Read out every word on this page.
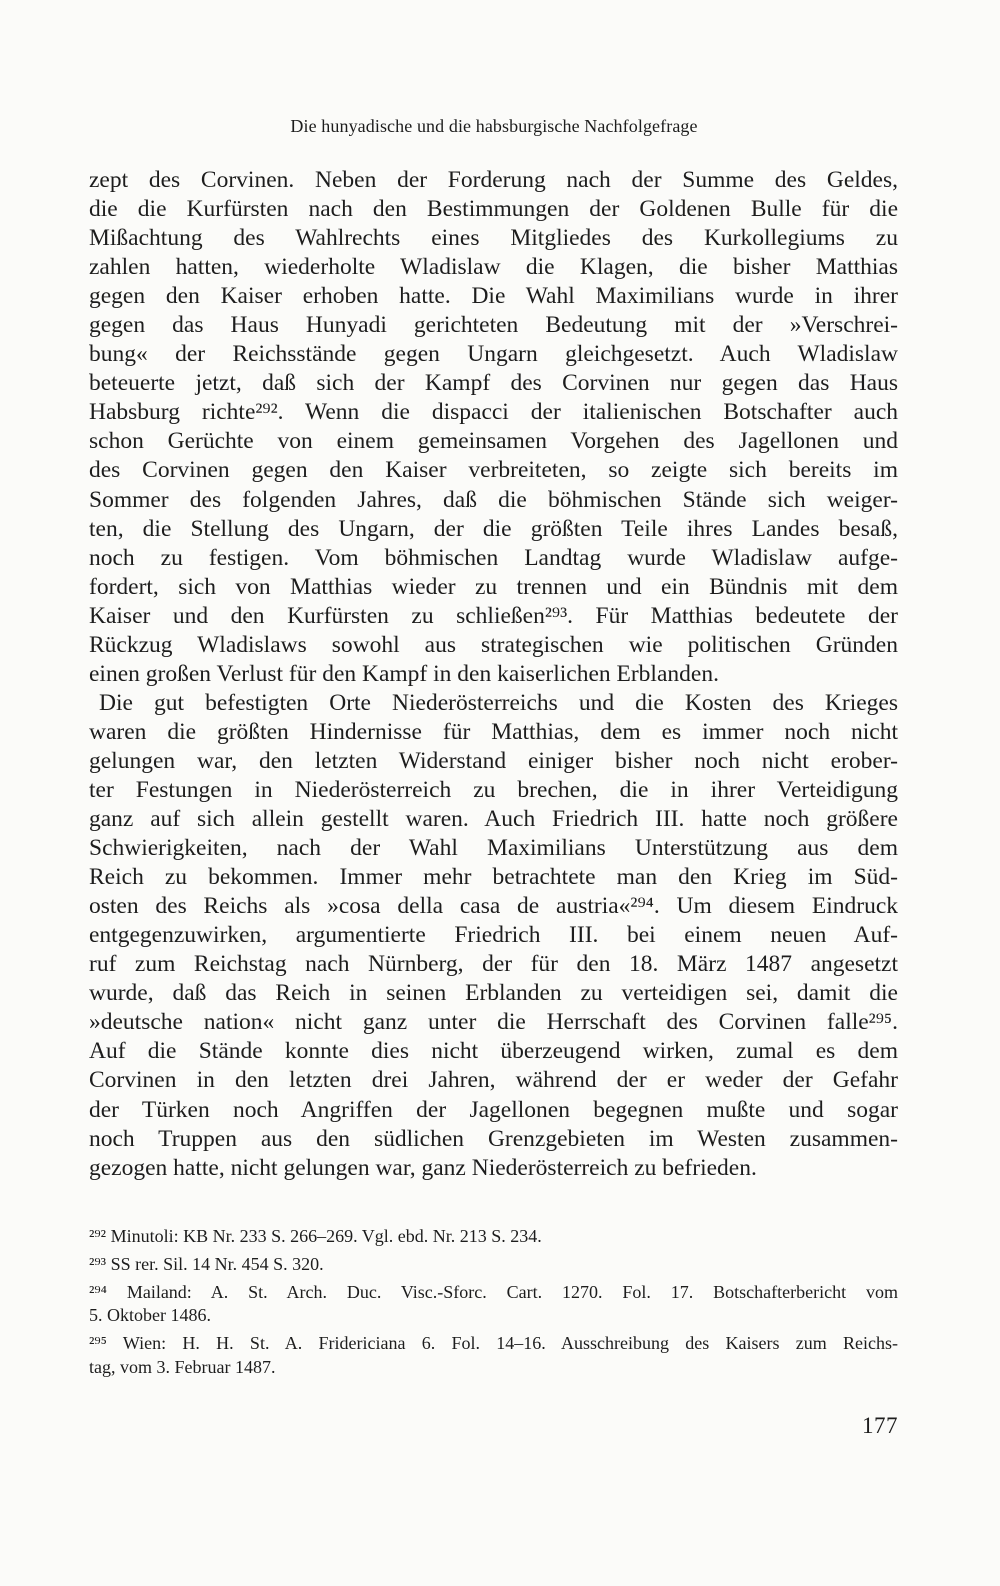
Die hunyadische und die habsburgische Nachfolgefrage
zept des Corvinen. Neben der Forderung nach der Summe des Geldes,
die die Kurfürsten nach den Bestimmungen der Goldenen Bulle für die
Mißachtung des Wahlrechts eines Mitgliedes des Kurkollegiums zu
zahlen hatten, wiederholte Wladislaw die Klagen, die bisher Matthias
gegen den Kaiser erhoben hatte. Die Wahl Maximilians wurde in ihrer
gegen das Haus Hunyadi gerichteten Bedeutung mit der »Verschrei-
bung« der Reichsstände gegen Ungarn gleichgesetzt. Auch Wladislaw
beteuerte jetzt, daß sich der Kampf des Corvinen nur gegen das Haus
Habsburg richte²⁹². Wenn die dispacci der italienischen Botschafter auch
schon Gerüchte von einem gemeinsamen Vorgehen des Jagellonen und
des Corvinen gegen den Kaiser verbreiteten, so zeigte sich bereits im
Sommer des folgenden Jahres, daß die böhmischen Stände sich weiger-
ten, die Stellung des Ungarn, der die größten Teile ihres Landes besaß,
noch zu festigen. Vom böhmischen Landtag wurde Wladislaw aufge-
fordert, sich von Matthias wieder zu trennen und ein Bündnis mit dem
Kaiser und den Kurfürsten zu schließen²⁹³. Für Matthias bedeutete der
Rückzug Wladislaws sowohl aus strategischen wie politischen Gründen
einen großen Verlust für den Kampf in den kaiserlichen Erblanden.
Die gut befestigten Orte Niederösterreichs und die Kosten des Krieges
waren die größten Hindernisse für Matthias, dem es immer noch nicht
gelungen war, den letzten Widerstand einiger bisher noch nicht erober-
ter Festungen in Niederösterreich zu brechen, die in ihrer Verteidigung
ganz auf sich allein gestellt waren. Auch Friedrich III. hatte noch größere
Schwierigkeiten, nach der Wahl Maximilians Unterstützung aus dem
Reich zu bekommen. Immer mehr betrachtete man den Krieg im Süd-
osten des Reichs als »cosa della casa de austria«²⁹⁴. Um diesem Eindruck
entgegenzuwirken, argumentierte Friedrich III. bei einem neuen Auf-
ruf zum Reichstag nach Nürnberg, der für den 18. März 1487 angesetzt
wurde, daß das Reich in seinen Erblanden zu verteidigen sei, damit die
»deutsche nation« nicht ganz unter die Herrschaft des Corvinen falle²⁹⁵.
Auf die Stände konnte dies nicht überzeugend wirken, zumal es dem
Corvinen in den letzten drei Jahren, während der er weder der Gefahr
der Türken noch Angriffen der Jagellonen begegnen mußte und sogar
noch Truppen aus den südlichen Grenzgebieten im Westen zusammen-
gezogen hatte, nicht gelungen war, ganz Niederösterreich zu befrieden.
²⁹² Minutoli: KB Nr. 233 S. 266–269. Vgl. ebd. Nr. 213 S. 234.
²⁹³ SS rer. Sil. 14 Nr. 454 S. 320.
²⁹⁴ Mailand: A. St. Arch. Duc. Visc.-Sforc. Cart. 1270. Fol. 17. Botschafterbericht vom
5. Oktober 1486.
²⁹⁵ Wien: H. H. St. A. Fridericiana 6. Fol. 14–16. Ausschreibung des Kaisers zum Reichs-
tag, vom 3. Februar 1487.
177
